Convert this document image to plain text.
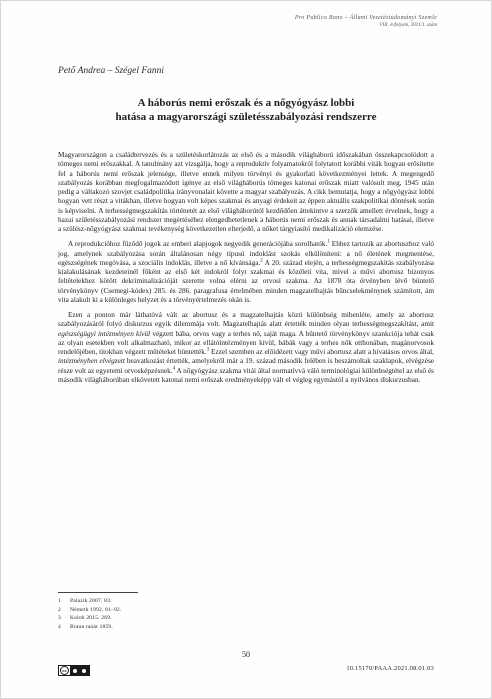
Pro Publico Bono – Állami Vezetéstudományi Szemle
VIII. évfolyam, 2021/1. szám
Pető Andrea – Szégel Fanni
A háborús nemi erőszak és a nőgyógyász lobbi
hatása a magyarországi születésszabályozási rendszerre

Magyarországon a családtervezés és a születéskorlátozás az első és a második világháború időszakában összekapcsolódott a tömeges nemi erőszakkal. A tanulmány azt vizsgálja, hogy a reproduktív folyamatokról folytatott korábbi viták hogyan erősítette fel a háborús nemi erőszak jelensége, illetve ennek milyen törvényi és gyakorlati következményei lettek. A megengedő szabályozás korábban megfogalmazódott igénye az első világháborús tömeges katonai erőszak miatt valósult meg, 1945 után pedig a váltakozó szovjet családpolitika irányvonalait követte a magyar szabályozás. A cikk bemutatja, hogy a nőgyógyász lobbi hogyan vett részt a vitákban, illetve hogyan volt képes szakmai és anyagi érdekeit az éppen aktuális szakpolitikai döntések során is képviselni. A terhességmegszakítás történetét az első világháborútól kezdődően áttekintve a szerzők amellett érvelnek, hogy a hazai születésszabályozási rendszer megértéséhez elengedhetetlenek a háborús nemi erőszak és annak társadalmi hatásai, illetve a szülész-nőgyógyász szakmai tevékenység következetlen elterjedő, a nőket tárgyiasító medikalizáció elemzése.

A reprodukcióhoz fűződő jogok az emberi alapjogok negyedik generációjába sorolhatók.$^1$ Ehhez tartozik az abortuszhoz való jog, amelynek szabályozása során általánosan négy típusú indoklást szokás elkülöníteni: a nő életének megmentése, egészségének megóvása, a szociális indoklás, illetve a nő kívánsága.$^2$ A 20. század elején, a terhességmegszakítás szabályozása kialakulásának kezdeteinél főként az első két indokról folyt szakmai és közéleti vita, mivel a művi abortusz bizonyos feltételekhez kötött dekriminalizációját szerette volna elérni az orvosi szakma. Az 1878 óta érvényben lévő büntető törvénykönyv (Csemegi-kódex) 285. és 286. paragrafusa értelmében minden magzatelhajtás bűncselekménynek számított, ám vita alakult ki a különleges helyzet és a törvényértelmezés okán is.

Ezen a ponton már láthatóvá vált az abortusz és a magzatelhajtás közti különbség mibenléte, amely az abortusz szabályozásáról folyó diskurzus egyik dilemmája volt. Magzatelhajtás alatt értették minden olyan terhességmegszakítást, amit egészségügyi intézményen kívül végzett bába, orvos vagy a terhes nő, saját maga. A bűntető törvénykönyv szankciója tehát csak az olyan esetekben volt alkalmazható, mikor az ellátóintézményen kívül, bábák vagy a terhes nők otthonában, magánorvosok rendelőjében, titokban végzett műtéteket büntették.$^3$ Ezzel szemben az előidézett vagy művi abortusz alatt a hivatásos orvos által, intézményben elvégzett beavatkozást értették, amelyekről már a 19. század második felében is beszámoltak szaklapok, elvégzése része volt az egyetemi orvosképzésnek.$^4$ A nőgyógyász szakma vitái által normatívvá váló terminológiai különbségtétel az első és második világháborúban elkövetett katonai nemi erőszak eredményeképp vált el végleg egymástól a nyilvános diskurzusban.

1	Palazik 2007. 83.
2	Németh 1992. 81–92.
3	Koloh 2015. 269.
4	Braun tanár 1859.
50
cc	10.15170/PAAA.2021.08.01.03
